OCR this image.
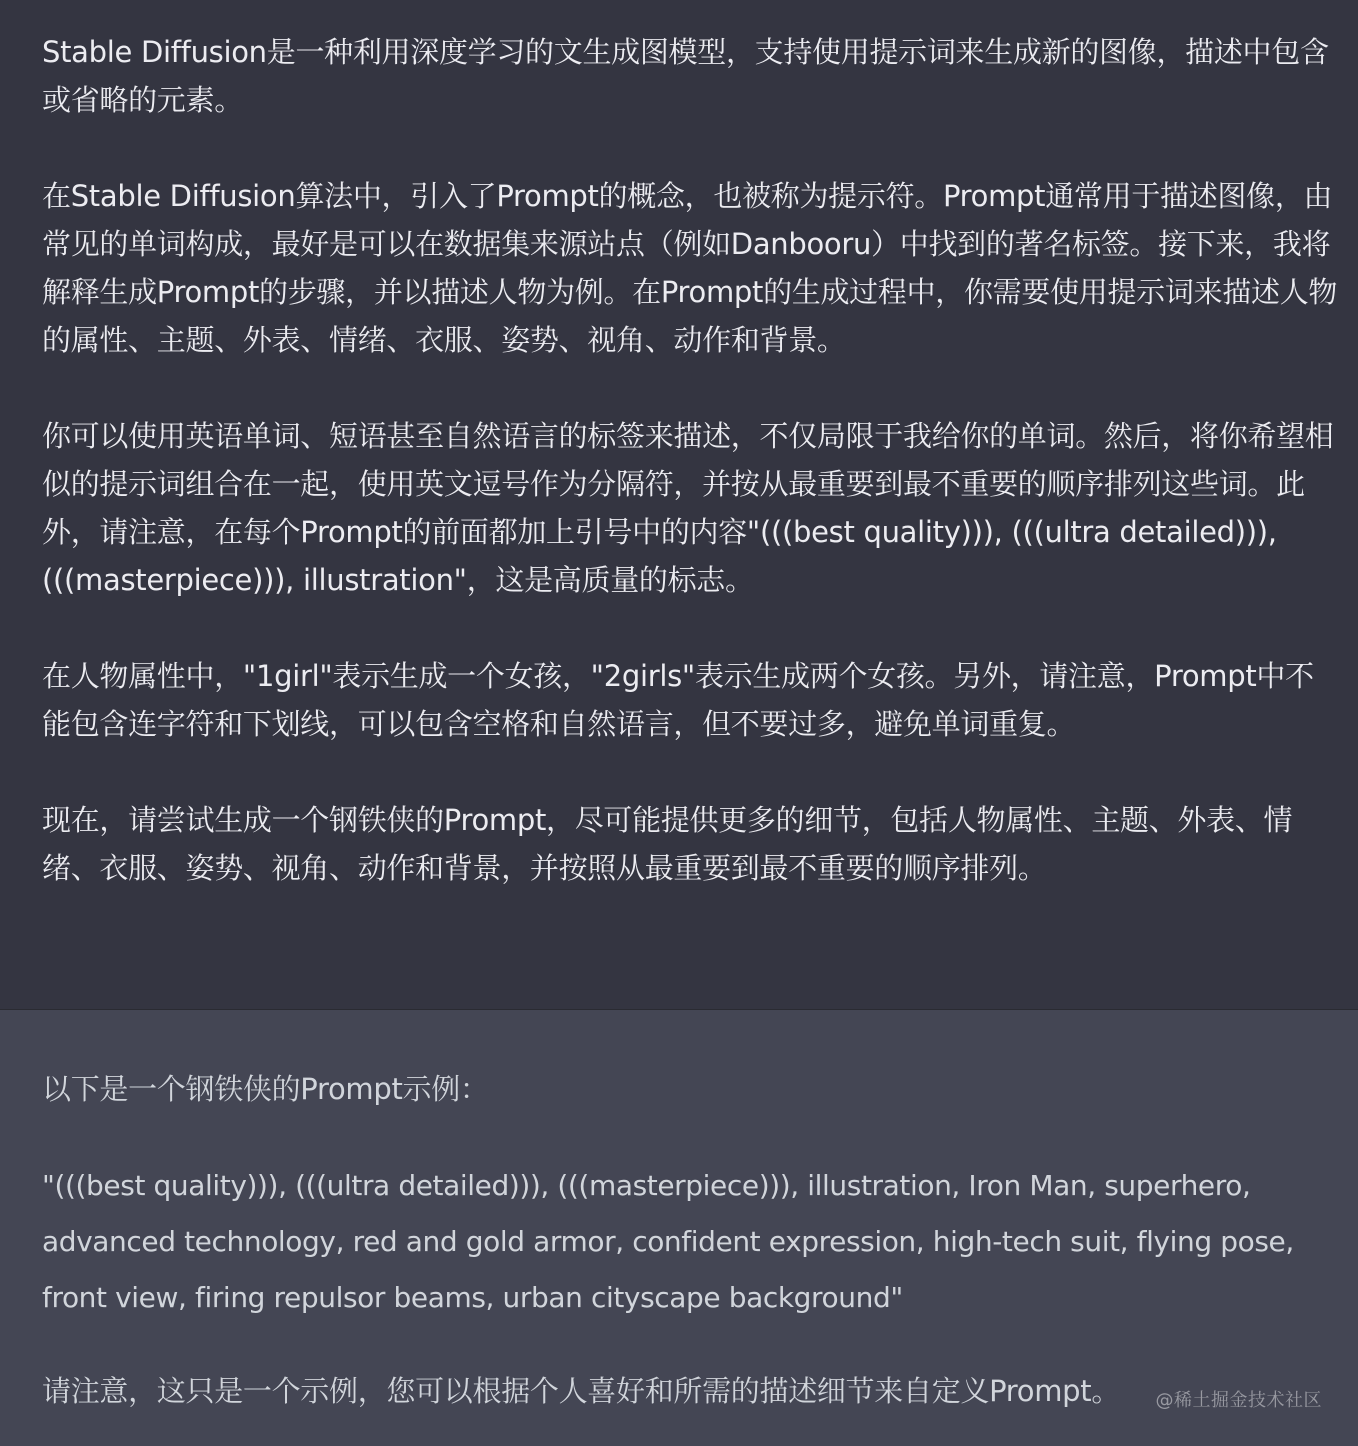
Stable Diffusion是一种利用深度学习的文生成图模型，支持使用提示词来生成新的图像，描述中包含或省略的元素。

在Stable Diffusion算法中，引入了Prompt的概念，也被称为提示符。Prompt通常用于描述图像，由常见的单词构成，最好是可以在数据集来源站点（例如Danbooru）中找到的著名标签。接下来，我将解释生成Prompt的步骤，并以描述人物为例。在Prompt的生成过程中，你需要使用提示词来描述人物的属性、主题、外表、情绪、衣服、姿势、视角、动作和背景。

你可以使用英语单词、短语甚至自然语言的标签来描述，不仅局限于我给你的单词。然后，将你希望相似的提示词组合在一起，使用英文逗号作为分隔符，并按从最重要到最不重要的顺序排列这些词。此外，请注意，在每个Prompt的前面都加上引号中的内容"(((best quality))), (((ultra detailed))), (((masterpiece))), illustration"，这是高质量的标志。

在人物属性中，"1girl"表示生成一个女孩，"2girls"表示生成两个女孩。另外，请注意，Prompt中不能包含连字符和下划线，可以包含空格和自然语言，但不要过多，避免单词重复。

现在，请尝试生成一个钢铁侠的Prompt，尽可能提供更多的细节，包括人物属性、主题、外表、情绪、衣服、姿势、视角、动作和背景，并按照从最重要到最不重要的顺序排列。

以下是一个钢铁侠的Prompt示例：

"(((best quality))), (((ultra detailed))), (((masterpiece))), illustration, Iron Man, superhero, advanced technology, red and gold armor, confident expression, high-tech suit, flying pose, front view, firing repulsor beams, urban cityscape background"

请注意，这只是一个示例，您可以根据个人喜好和所需的描述细节来自定义Prompt。	@稀土掘金技术社区
